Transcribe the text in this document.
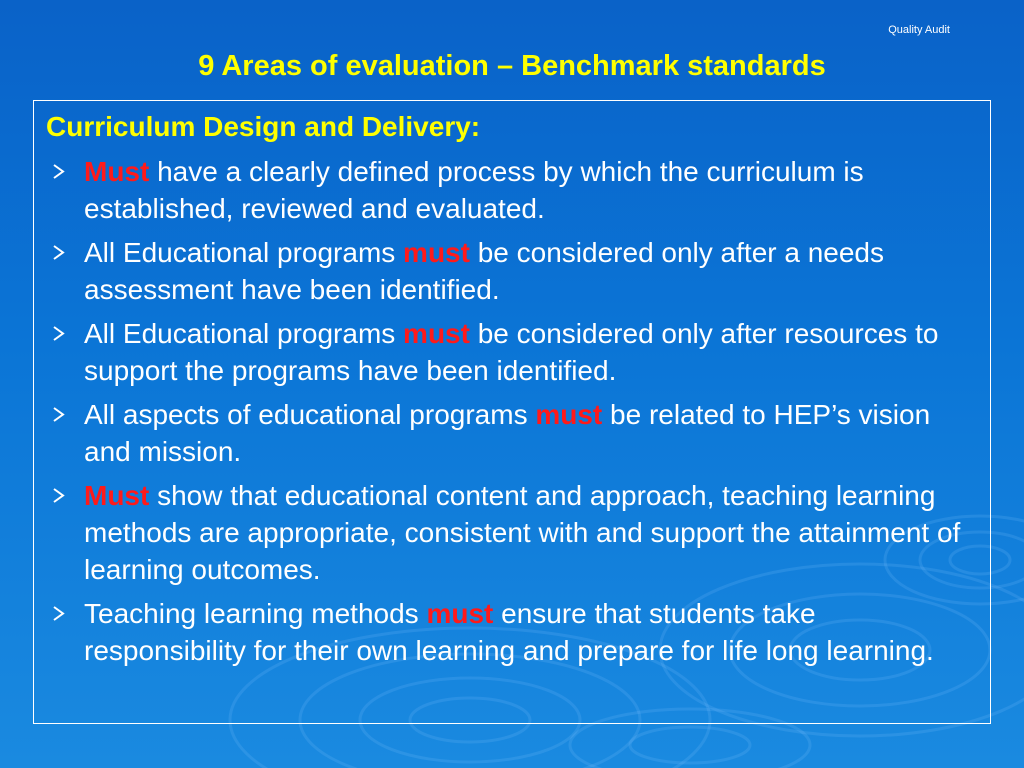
Quality Audit
9 Areas of evaluation – Benchmark standards
Curriculum Design and Delivery:
Must have a clearly defined process by which the curriculum is established, reviewed and evaluated.
All Educational programs must be considered only after a needs assessment have been identified.
All Educational programs must be considered only after resources to support the programs have been identified.
All aspects of educational programs must be related to HEP’s vision and mission.
Must show that educational content and approach, teaching learning methods are appropriate, consistent with and support the attainment of learning outcomes.
Teaching learning methods must ensure that students take responsibility for their own learning and prepare for life long learning.
